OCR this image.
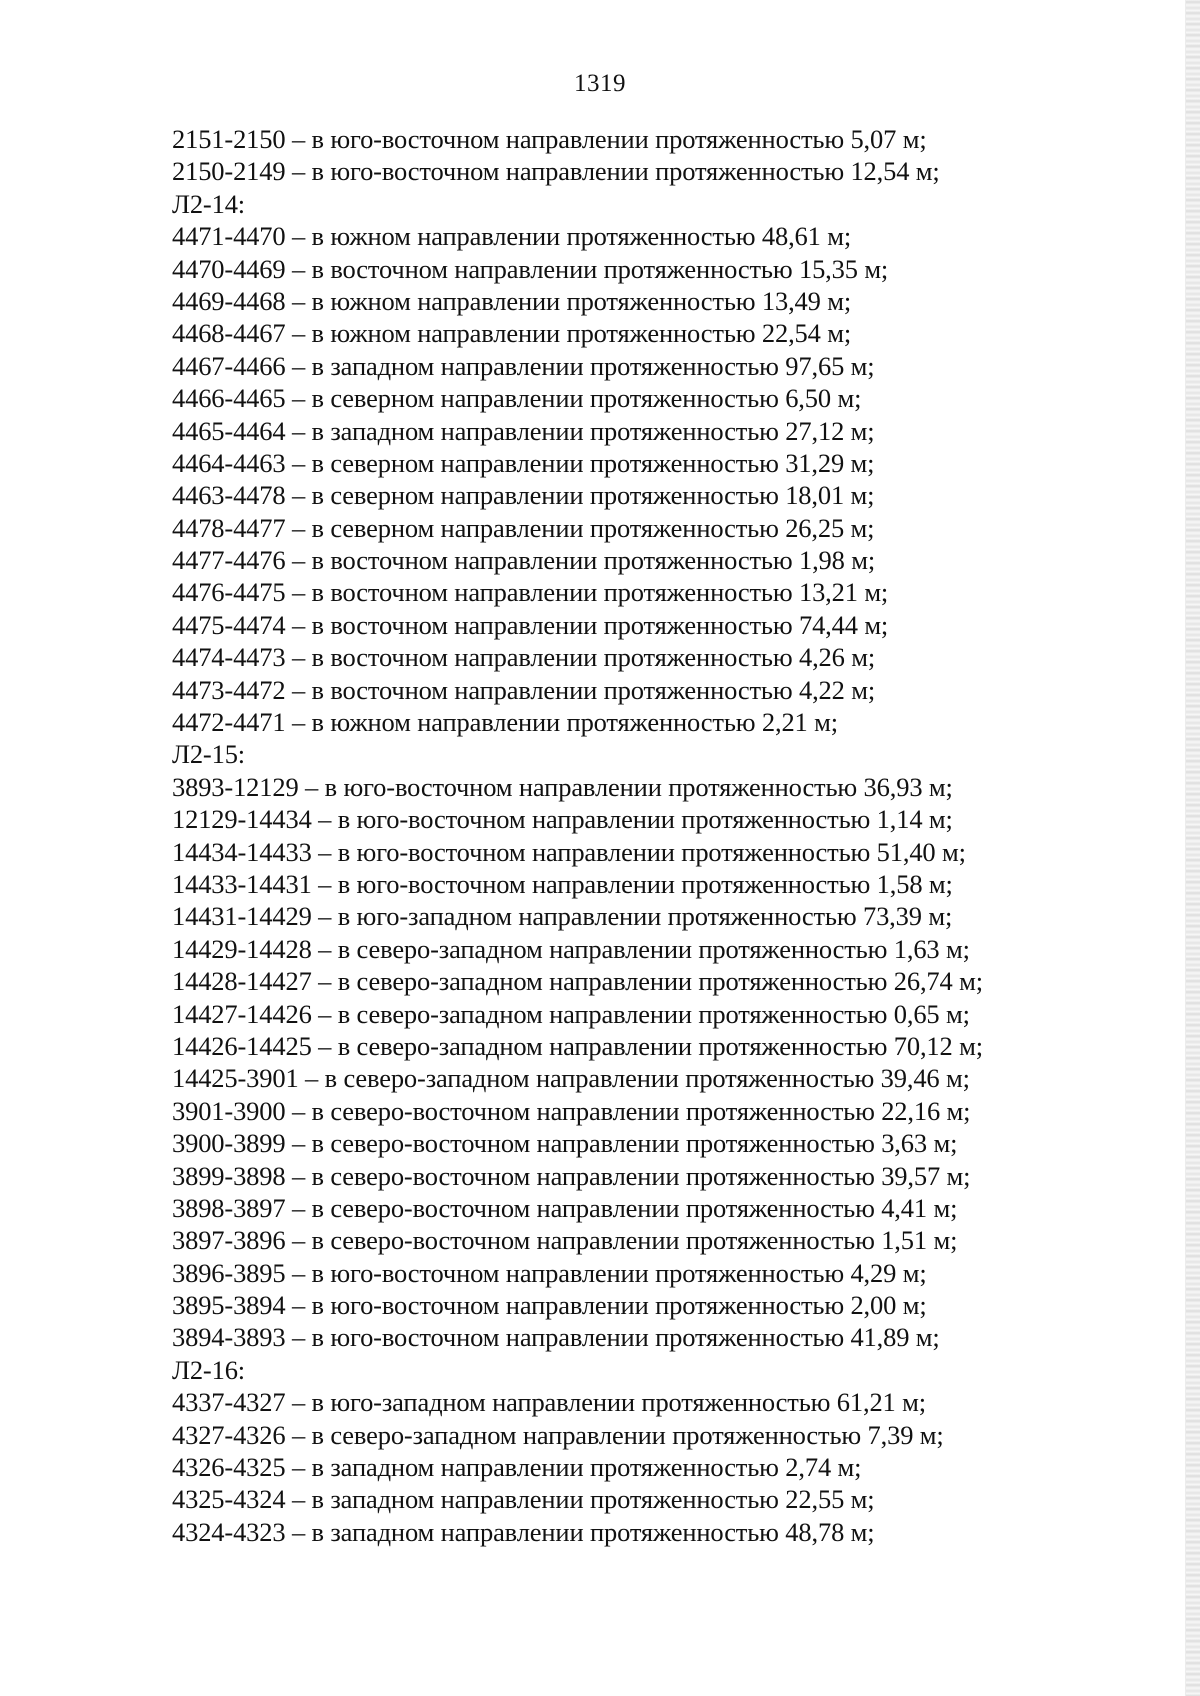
1319
2151-2150 – в юго-восточном направлении протяженностью 5,07 м;
2150-2149 – в юго-восточном направлении протяженностью 12,54 м;
Л2-14:
4471-4470 – в южном направлении протяженностью 48,61 м;
4470-4469 – в восточном направлении протяженностью 15,35 м;
4469-4468 – в южном направлении протяженностью 13,49 м;
4468-4467 – в южном направлении протяженностью 22,54 м;
4467-4466 – в западном направлении протяженностью 97,65 м;
4466-4465 – в северном направлении протяженностью 6,50 м;
4465-4464 – в западном направлении протяженностью 27,12 м;
4464-4463 – в северном направлении протяженностью 31,29 м;
4463-4478 – в северном направлении протяженностью 18,01 м;
4478-4477 – в северном направлении протяженностью 26,25 м;
4477-4476 – в восточном направлении протяженностью 1,98 м;
4476-4475 – в восточном направлении протяженностью 13,21 м;
4475-4474 – в восточном направлении протяженностью 74,44 м;
4474-4473 – в восточном направлении протяженностью 4,26 м;
4473-4472 – в восточном направлении протяженностью 4,22 м;
4472-4471 – в южном направлении протяженностью 2,21 м;
Л2-15:
3893-12129 – в юго-восточном направлении протяженностью 36,93 м;
12129-14434 – в юго-восточном направлении протяженностью 1,14 м;
14434-14433 – в юго-восточном направлении протяженностью 51,40 м;
14433-14431 – в юго-восточном направлении протяженностью 1,58 м;
14431-14429 – в юго-западном направлении протяженностью 73,39 м;
14429-14428 – в северо-западном направлении протяженностью 1,63 м;
14428-14427 – в северо-западном направлении протяженностью 26,74 м;
14427-14426 – в северо-западном направлении протяженностью 0,65 м;
14426-14425 – в северо-западном направлении протяженностью 70,12 м;
14425-3901 – в северо-западном направлении протяженностью 39,46 м;
3901-3900 – в северо-восточном направлении протяженностью 22,16 м;
3900-3899 – в северо-восточном направлении протяженностью 3,63 м;
3899-3898 – в северо-восточном направлении протяженностью 39,57 м;
3898-3897 – в северо-восточном направлении протяженностью 4,41 м;
3897-3896 – в северо-восточном направлении протяженностью 1,51 м;
3896-3895 – в юго-восточном направлении протяженностью 4,29 м;
3895-3894 – в юго-восточном направлении протяженностью 2,00 м;
3894-3893 – в юго-восточном направлении протяженностью 41,89 м;
Л2-16:
4337-4327 – в юго-западном направлении протяженностью 61,21 м;
4327-4326 – в северо-западном направлении протяженностью 7,39 м;
4326-4325 – в западном направлении протяженностью 2,74 м;
4325-4324 – в западном направлении протяженностью 22,55 м;
4324-4323 – в западном направлении протяженностью 48,78 м;
